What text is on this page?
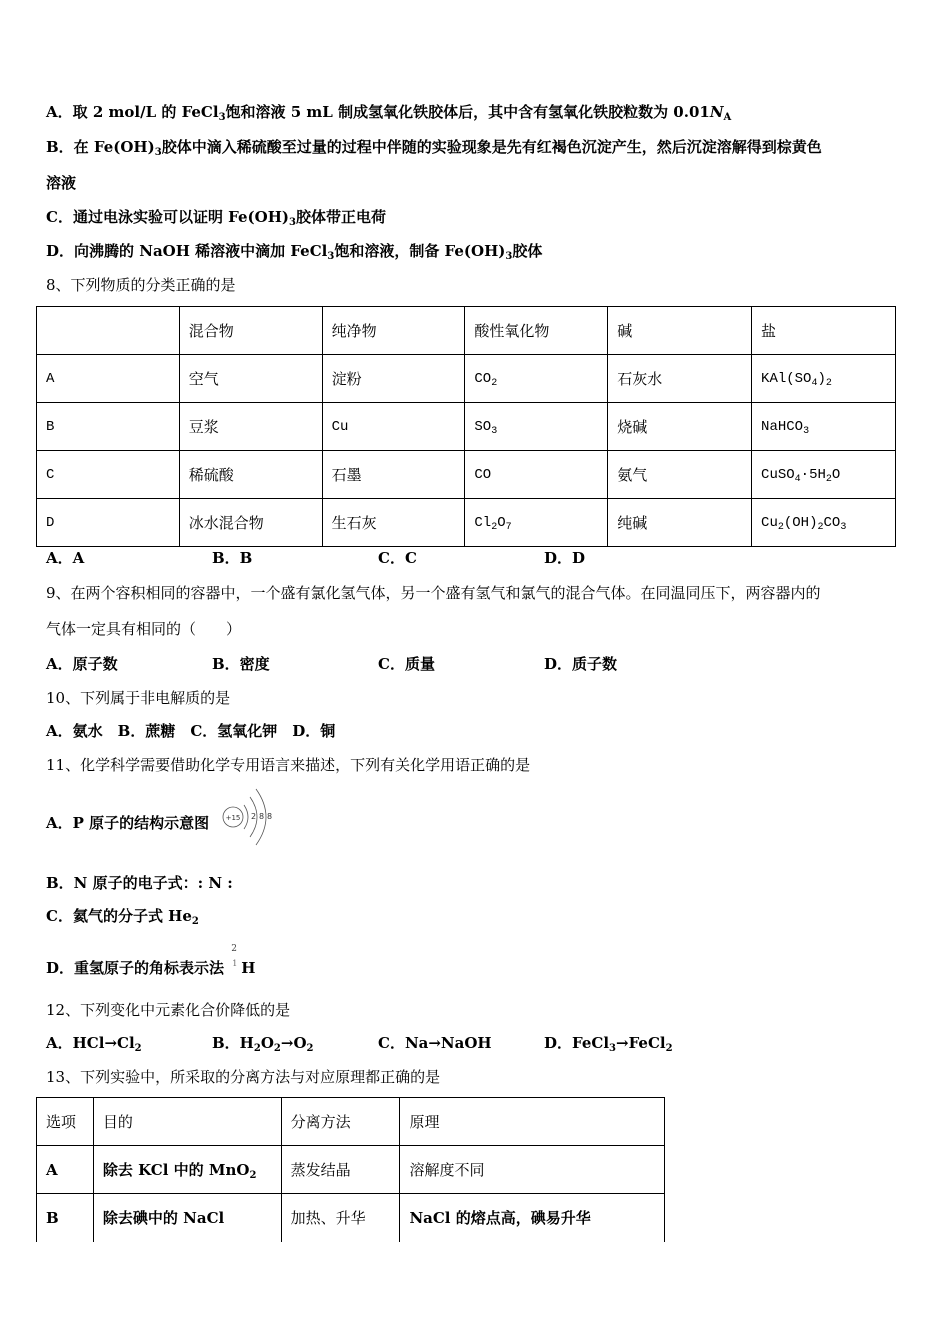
A．取 2 mol/L 的 FeCl$_3$饱和溶液 5 mL 制成氢氧化铁胶体后，其中含有氢氧化铁胶粒数为 $0.01N_A$
B．在 $Fe(OH)_3$胶体中滴入稀硫酸至过量的过程中伴随的实验现象是先有红褐色沉淀产生，然后沉淀溶解得到棕黄色
溶液
C．通过电泳实验可以证明 $Fe(OH)_3$胶体带正电荷
D．向沸腾的 NaOH 稀溶液中滴加 FeCl$_3$饱和溶液，制备 $Fe(OH)_3$胶体
8、下列物质的分类正确的是
	混合物	纯净物	酸性氧化物	碱	盐
A	空气	淀粉	$CO_2$	石灰水	$KAl(SO_4)_2$
B	豆浆	Cu	$SO_3$	烧碱	NaHCO$_3$
C	稀硫酸	石墨	CO	氨气	$CuSO_4\cdot 5H_2O$
D	冰水混合物	生石灰	$Cl_2O_7$	纯碱	$Cu_2(OH)_2CO_3$
A．A	B．B	C．C	D．D
9、在两个容积相同的容器中，一个盛有氯化氢气体，另一个盛有氢气和氯气的混合气体。在同温同压下，两容器内的
气体一定具有相同的（　　）
A．原子数	B．密度	C．质量	D．质子数
10、下列属于非电解质的是
A．氨水　B．蔗糖　C．氢氧化钾　D．铜
11、化学科学需要借助化学专用语言来描述，下列有关化学用语正确的是
A．P 原子的结构示意图 +15 2 8 8
B．N 原子的电子式：: N :
C．氦气的分子式 $He_2$
D．重氢原子的角标表示法
2
1 H
12、下列变化中元素化合价降低的是
A．$HCl\to Cl_2$	B．$H_2O_2\to O_2$	C．Na→NaOH	D．FeCl$_3$→FeCl$_2$
13、下列实验中，所采取的分离方法与对应原理都正确的是
选项	目的	分离方法	原理
A	除去 KCl 中的 MnO$_2$	蒸发结晶	溶解度不同
B	除去碘中的 NaCl	加热、升华	NaCl 的熔点高，碘易升华
